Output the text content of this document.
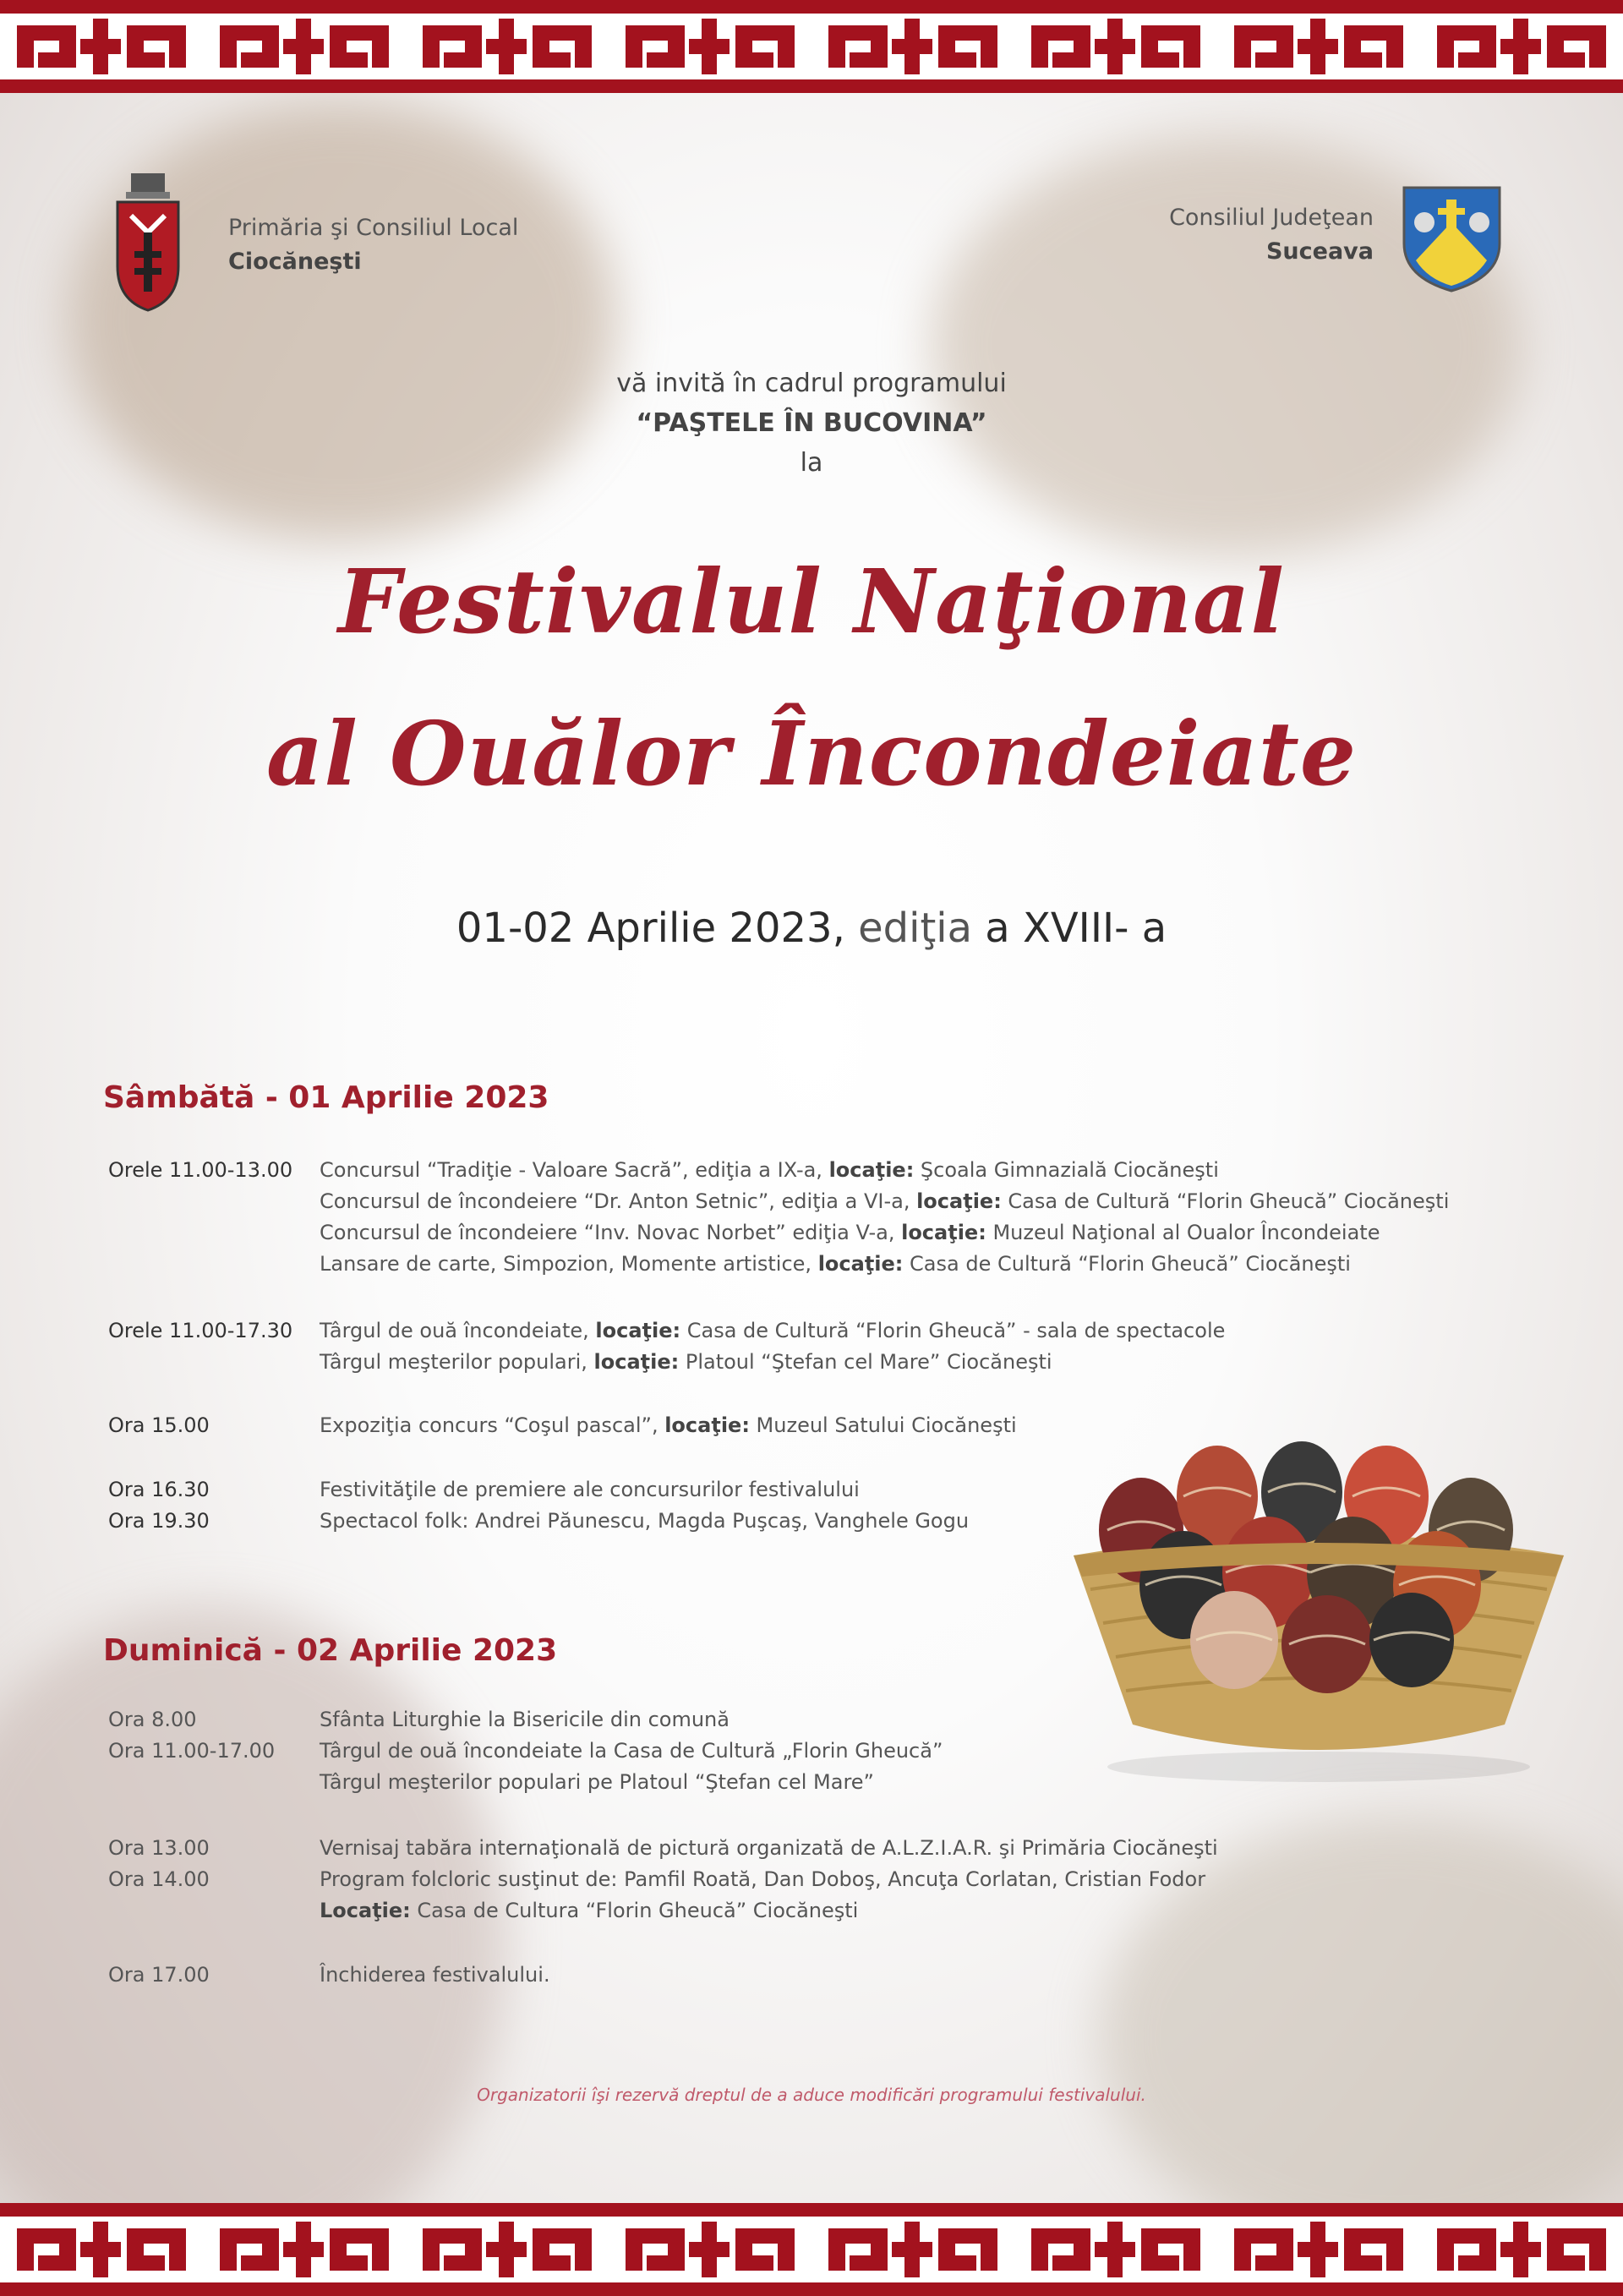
Primăria şi Consiliul Local
Ciocăneşti
Consiliul Judeţean
Suceava
vă invită în cadrul programului
“PAŞTELE ÎN BUCOVINA”
la
Festivalul Naţional
al Ouălor Încondeiate
01-02 Aprilie 2023, ediţia a XVIII- a
Sâmbătă - 01 Aprilie 2023
Orele 11.00-13.00	Concursul “Tradiţie - Valoare Sacră”, ediţia a IX-a, locaţie: Şcoala Gimnazială Ciocăneşti
Concursul de încondeiere “Dr. Anton Setnic”, ediţia a VI-a, locaţie: Casa de Cultură “Florin Gheucă” Ciocăneşti
Concursul de încondeiere “Inv. Novac Norbet” ediţia V-a, locaţie: Muzeul Naţional al Oualor Încondeiate
Lansare de carte, Simpozion, Momente artistice, locaţie: Casa de Cultură “Florin Gheucă” Ciocăneşti
Orele 11.00-17.30	Târgul de ouă încondeiate, locaţie: Casa de Cultură “Florin Gheucă” - sala de spectacole
Târgul meşterilor populari, locaţie: Platoul “Ştefan cel Mare” Ciocăneşti
Ora 15.00	Expoziţia concurs “Coşul pascal”, locaţie: Muzeul Satului Ciocăneşti
Ora 16.30	Festivităţile de premiere ale concursurilor festivalului
Ora 19.30	Spectacol folk: Andrei Păunescu, Magda Puşcaş, Vanghele Gogu
Duminică - 02 Aprilie 2023
Ora 8.00	Sfânta Liturghie la Bisericile din comună
Ora 11.00-17.00	Târgul de ouă încondeiate la Casa de Cultură „Florin Gheucă”
Târgul meşterilor populari pe Platoul “Ştefan cel Mare”
Ora 13.00	Vernisaj tabăra internaţională de pictură organizată de A.L.Z.I.A.R. şi Primăria Ciocăneşti
Ora 14.00	Program folcloric susţinut de: Pamfil Roată, Dan Doboş, Ancuţa Corlatan, Cristian Fodor
Locaţie: Casa de Cultura “Florin Gheucă” Ciocăneşti
Ora 17.00	Închiderea festivalului.
Organizatorii îşi rezervă dreptul de a aduce modificări programului festivalului.
